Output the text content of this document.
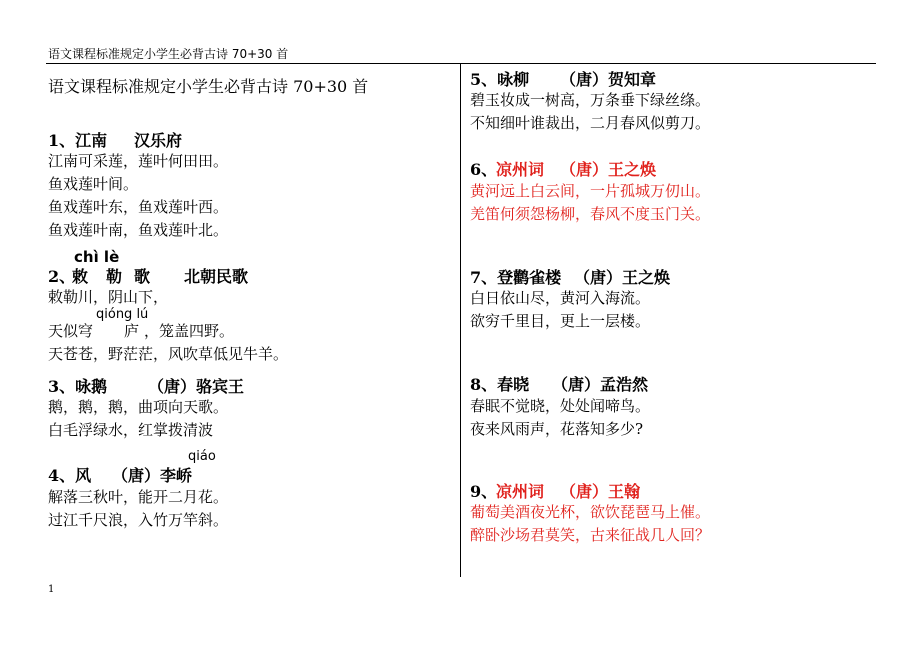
语文课程标准规定小学生必背古诗 70+30 首
语文课程标准规定小学生必背古诗 70+30 首
1、江南 汉乐府
江南可采莲，莲叶何田田。
鱼戏莲叶间。
鱼戏莲叶东，鱼戏莲叶西。
鱼戏莲叶南，鱼戏莲叶北。
chì lè
2、
敕 勒 歌 北朝民歌
敕勒川，阴山下，
qióng lú
天似穹 庐 ，笼盖四野。
天苍苍，野茫茫，风吹草低见牛羊。
3、咏鹅	（唐）骆宾王
鹅，鹅，鹅，曲项向天歌。
白毛浮绿水，红掌拨清波
qiáo
4、风 （唐）李峤
解落三秋叶，能开二月花。
过江千尺浪，入竹万竿斜。
5、咏柳 （唐）贺知章
碧玉妆成一树高，万条垂下绿丝绦。
不知细叶谁裁出，二月春风似剪刀。
6、
凉州词 （唐）王之焕
黄河远上白云间，一片孤城万仞山。
羌笛何须怨杨柳，春风不度玉门关。
7、登鹳雀楼 （唐）王之焕
白日依山尽，黄河入海流。
欲穷千里目，更上一层楼。
8、春晓 （唐）孟浩然
春眠不觉晓，处处闻啼鸟。
夜来风雨声，花落知多少?
9、
凉州词 （唐）王翰
葡萄美酒夜光杯，欲饮琵琶马上催。
醉卧沙场君莫笑，古来征战几人回？
1
